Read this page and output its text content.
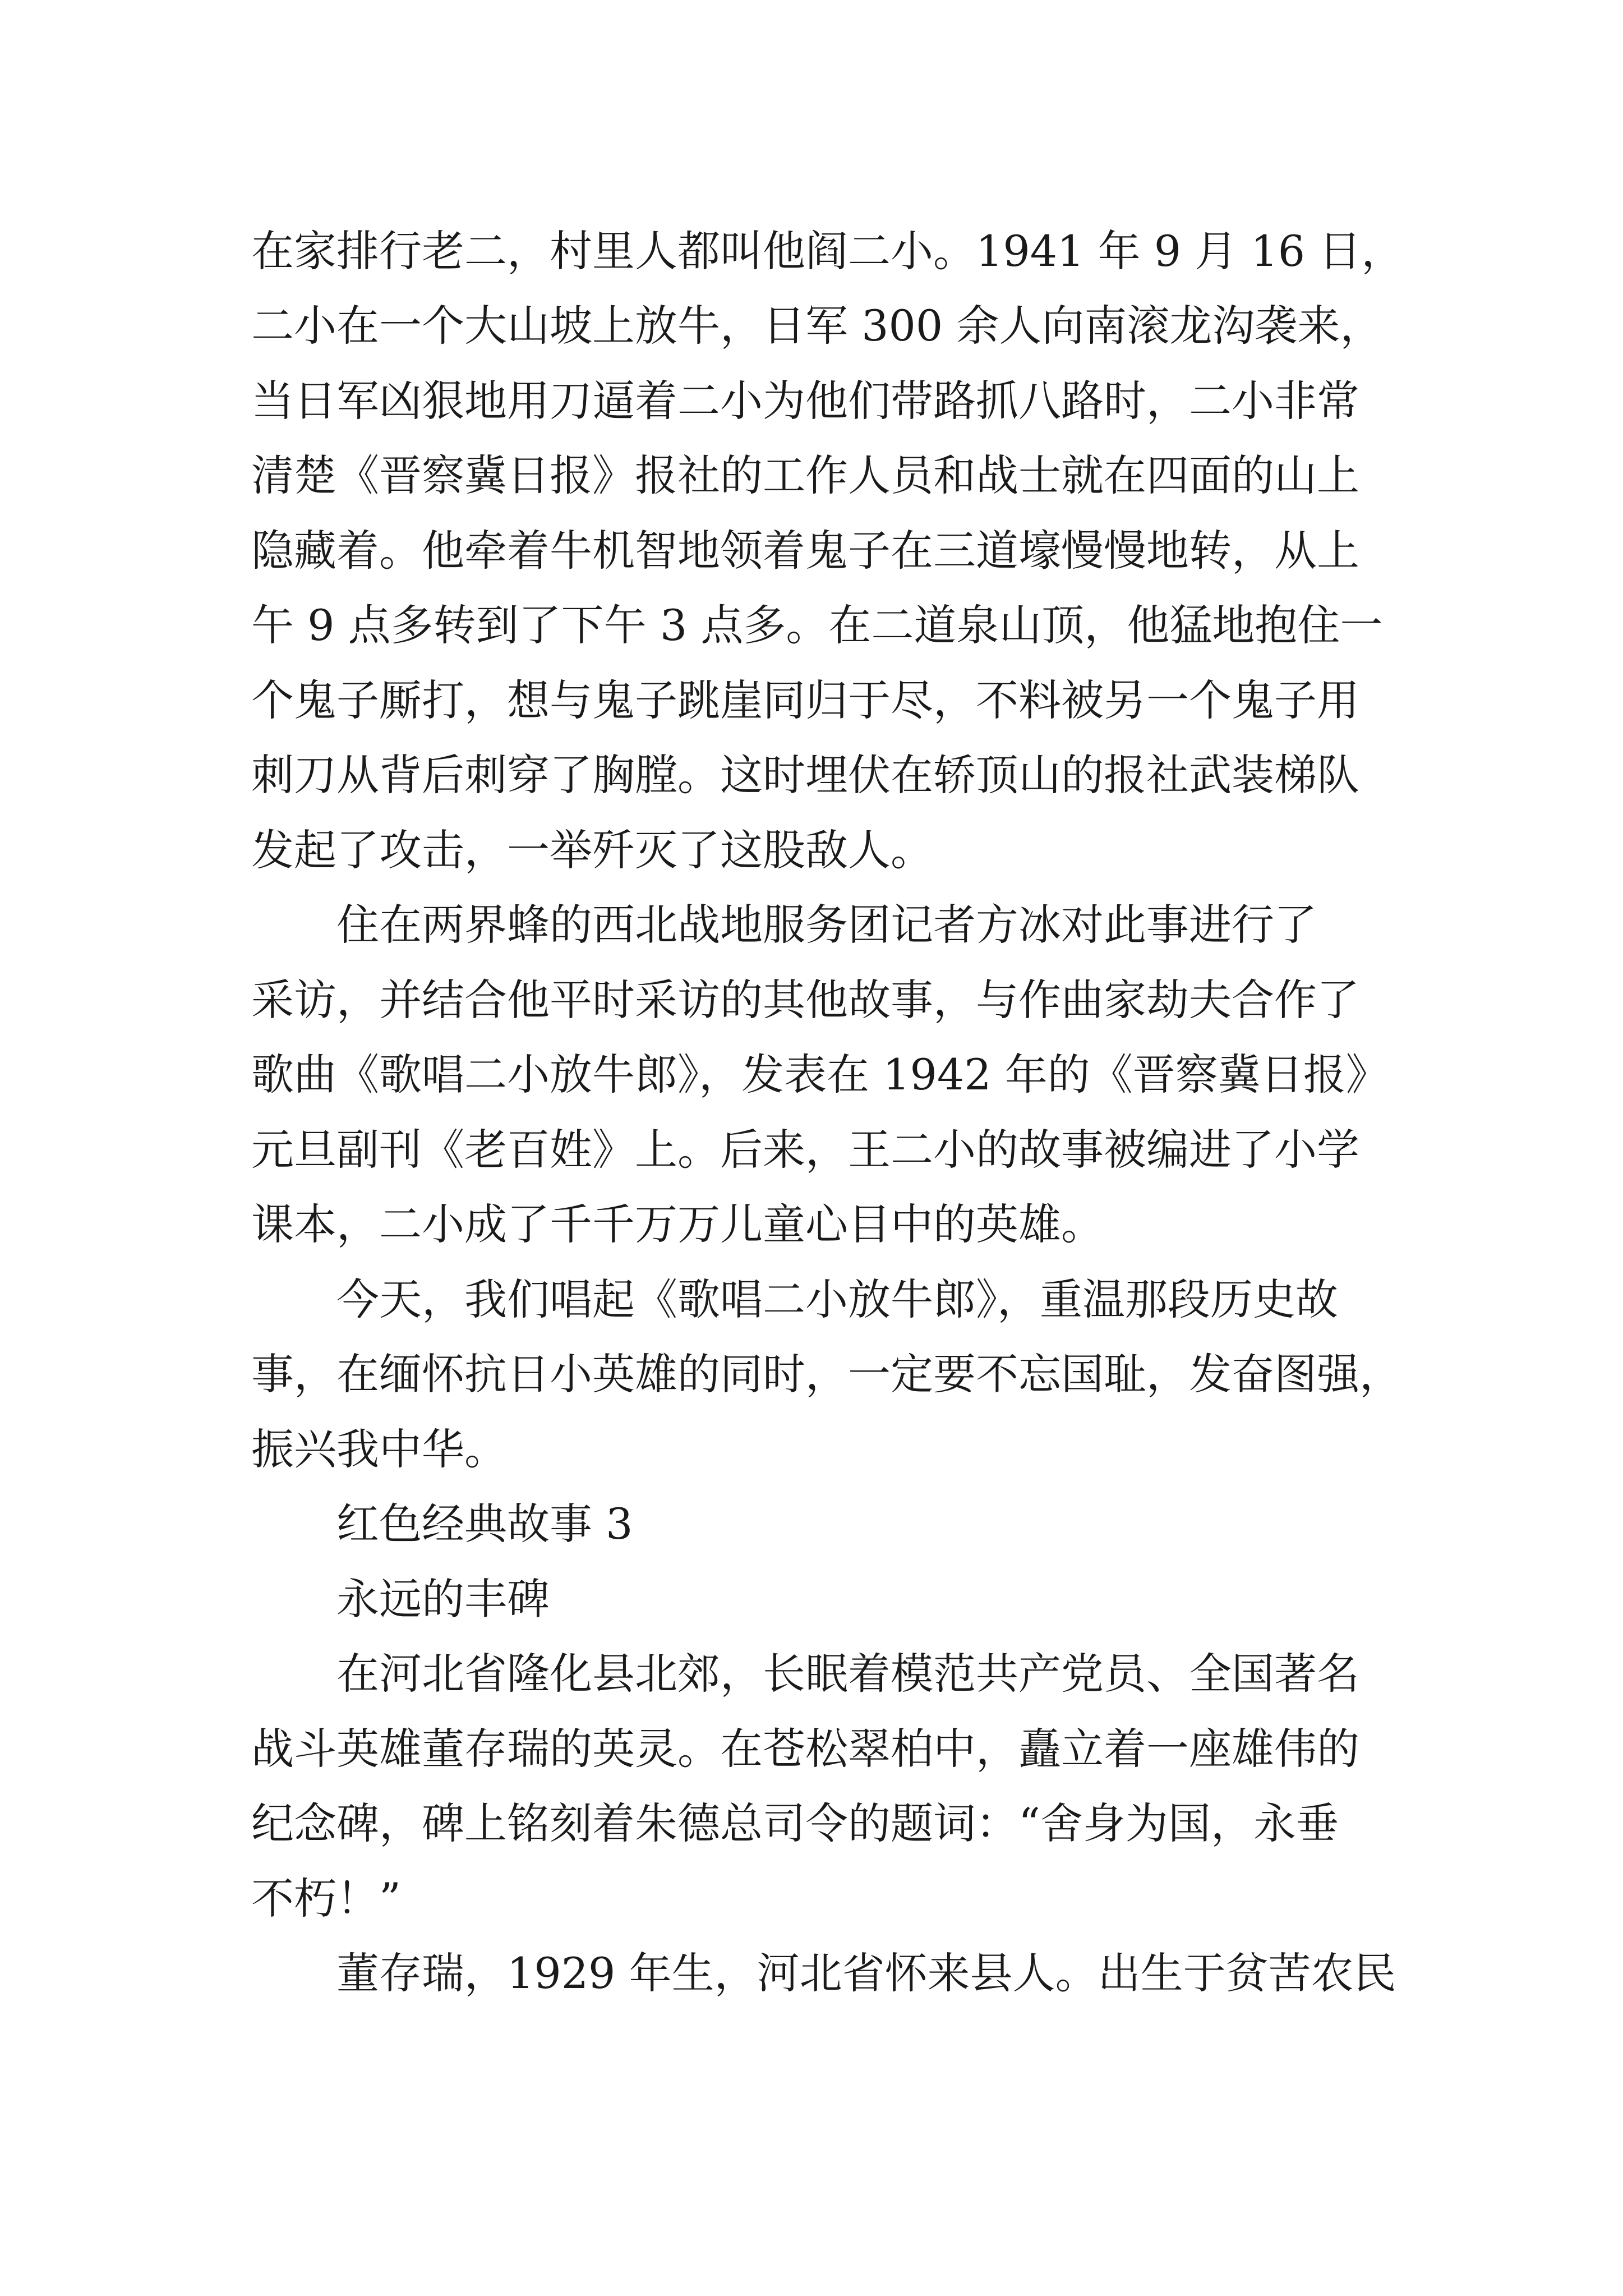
在家排行老二，村里人都叫他阎二小。1941 年 9 月 16 日，
二小在一个大山坡上放牛，日军 300 余人向南滚龙沟袭来，
当日军凶狠地用刀逼着二小为他们带路抓八路时，二小非常
清楚《晋察冀日报》报社的工作人员和战士就在四面的山上
隐藏着。他牵着牛机智地领着鬼子在三道壕慢慢地转，从上
午 9 点多转到了下午 3 点多。在二道泉山顶，他猛地抱住一
个鬼子厮打，想与鬼子跳崖同归于尽，不料被另一个鬼子用
刺刀从背后刺穿了胸膛。这时埋伏在轿顶山的报社武装梯队
发起了攻击，一举歼灭了这股敌人。
住在两界蜂的西北战地服务团记者方冰对此事进行了
采访，并结合他平时采访的其他故事，与作曲家劫夫合作了
歌曲《歌唱二小放牛郎》，发表在 1942 年的《晋察冀日报》
元旦副刊《老百姓》上。后来，王二小的故事被编进了小学
课本，二小成了千千万万儿童心目中的英雄。
今天，我们唱起《歌唱二小放牛郎》，重温那段历史故
事，在缅怀抗日小英雄的同时，一定要不忘国耻，发奋图强，
振兴我中华。
红色经典故事 3
永远的丰碑
在河北省隆化县北郊，长眠着模范共产党员、全国著名
战斗英雄董存瑞的英灵。在苍松翠柏中，矗立着一座雄伟的
纪念碑，碑上铭刻着朱德总司令的题词：“舍身为国，永垂
不朽！”
董存瑞，1929 年生，河北省怀来县人。出生于贫苦农民
